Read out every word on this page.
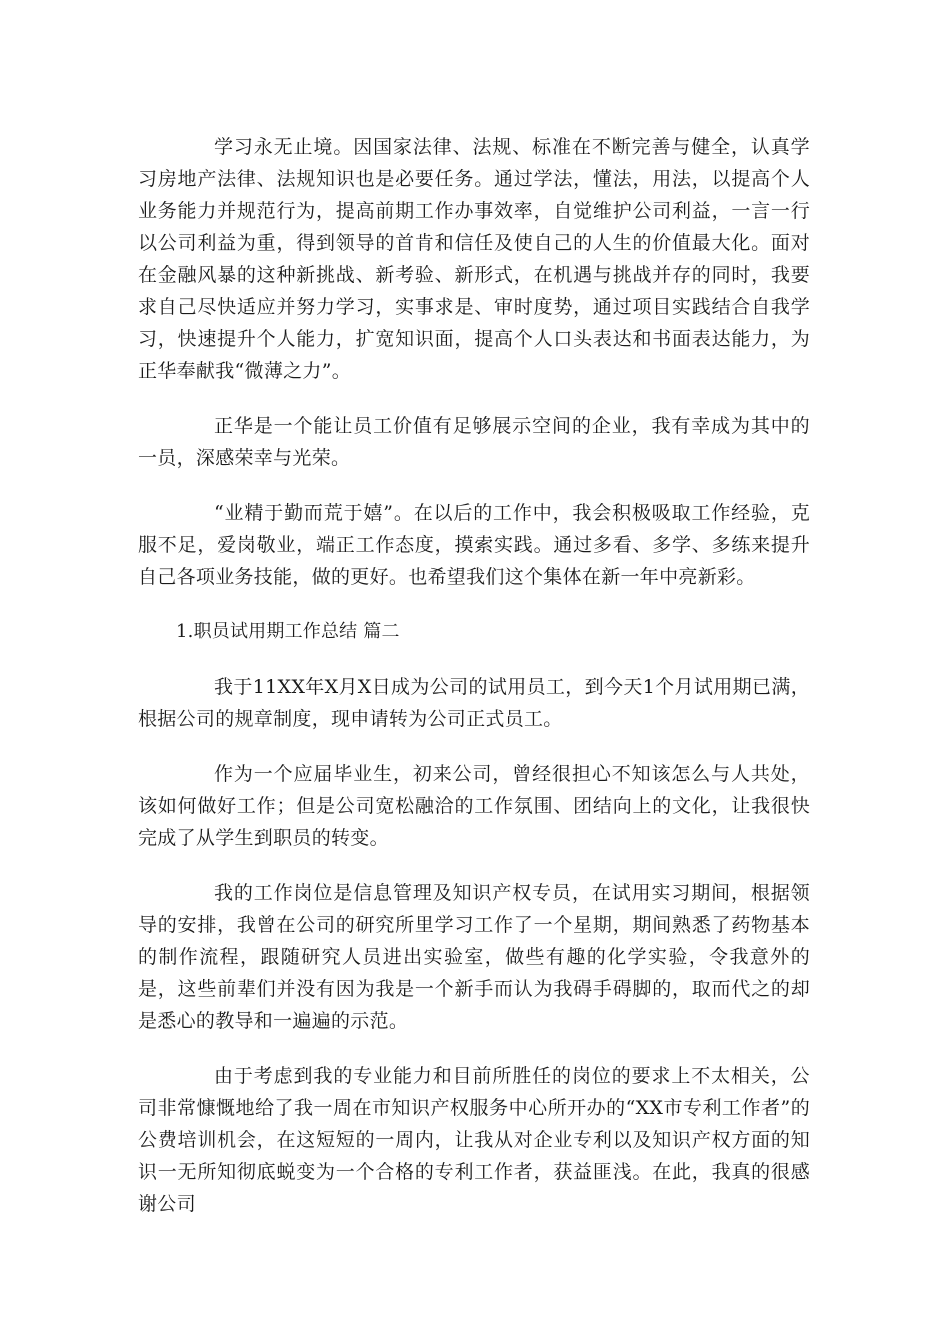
学习永无止境。因国家法律、法规、标准在不断完善与健全，认真学习房地产法律、法规知识也是必要任务。通过学法，懂法，用法，以提高个人业务能力并规范行为，提高前期工作办事效率，自觉维护公司利益，一言一行以公司利益为重，得到领导的首肯和信任及使自己的人生的价值最大化。面对在金融风暴的这种新挑战、新考验、新形式，在机遇与挑战并存的同时，我要求自己尽快适应并努力学习，实事求是、审时度势，通过项目实践结合自我学习，快速提升个人能力，扩宽知识面，提高个人口头表达和书面表达能力，为正华奉献我“微薄之力”。

正华是一个能让员工价值有足够展示空间的企业，我有幸成为其中的一员，深感荣幸与光荣。

“业精于勤而荒于嬉”。在以后的工作中，我会积极吸取工作经验，克服不足，爱岗敬业，端正工作态度，摸索实践。通过多看、多学、多练来提升自己各项业务技能，做的更好。也希望我们这个集体在新一年中亮新彩。

1.职员试用期工作总结 篇二

我于11XX年X月X日成为公司的试用员工，到今天1个月试用期已满，根据公司的规章制度，现申请转为公司正式员工。

作为一个应届毕业生，初来公司，曾经很担心不知该怎么与人共处，该如何做好工作；但是公司宽松融洽的工作氛围、团结向上的文化，让我很快完成了从学生到职员的转变。

我的工作岗位是信息管理及知识产权专员，在试用实习期间，根据领导的安排，我曾在公司的研究所里学习工作了一个星期，期间熟悉了药物基本的制作流程，跟随研究人员进出实验室，做些有趣的化学实验，令我意外的是，这些前辈们并没有因为我是一个新手而认为我碍手碍脚的，取而代之的却是悉心的教导和一遍遍的示范。

由于考虑到我的专业能力和目前所胜任的岗位的要求上不太相关，公司非常慷慨地给了我一周在市知识产权服务中心所开办的“XX市专利工作者”的公费培训机会，在这短短的一周内，让我从对企业专利以及知识产权方面的知识一无所知彻底蜕变为一个合格的专利工作者，获益匪浅。在此，我真的很感谢公司
